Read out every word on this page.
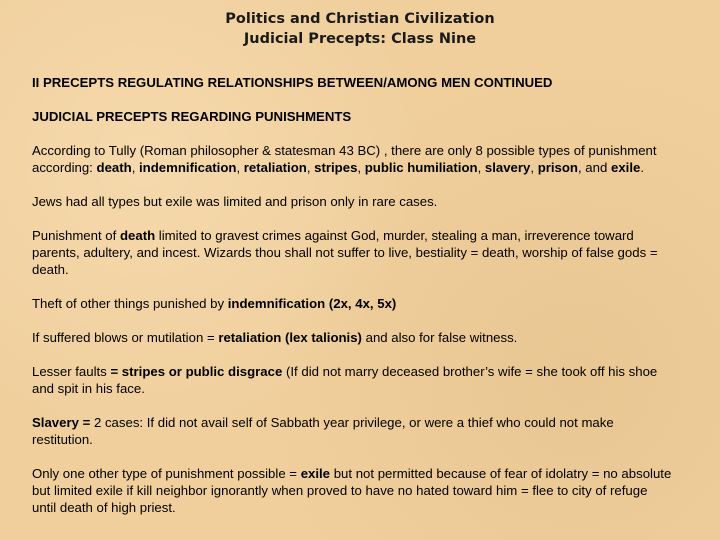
Politics and Christian Civilization
Judicial Precepts: Class Nine

II PRECEPTS REGULATING RELATIONSHIPS BETWEEN/AMONG MEN CONTINUED

JUDICIAL PRECEPTS REGARDING PUNISHMENTS

According to Tully (Roman philosopher & statesman 43 BC) , there are only 8 possible types of punishment according: death, indemnification, retaliation, stripes, public humiliation, slavery, prison, and exile.

Jews had all types but exile was limited and prison only in rare cases.

Punishment of death limited to gravest crimes against God, murder, stealing a man, irreverence toward parents, adultery, and incest. Wizards thou shall not suffer to live, bestiality = death, worship of false gods = death.

Theft of other things punished by indemnification (2x, 4x, 5x)

If suffered blows or mutilation = retaliation (lex talionis) and also for false witness.

Lesser faults = stripes or public disgrace (If did not marry deceased brother’s wife = she took off his shoe and spit in his face.

Slavery = 2 cases: If did not avail self of Sabbath year privilege, or were a thief who could not make restitution.

Only one other type of punishment possible = exile but not permitted because of fear of idolatry = no absolute but limited exile if kill neighbor ignorantly when proved to have no hated toward him = flee to city of refuge until death of high priest.
